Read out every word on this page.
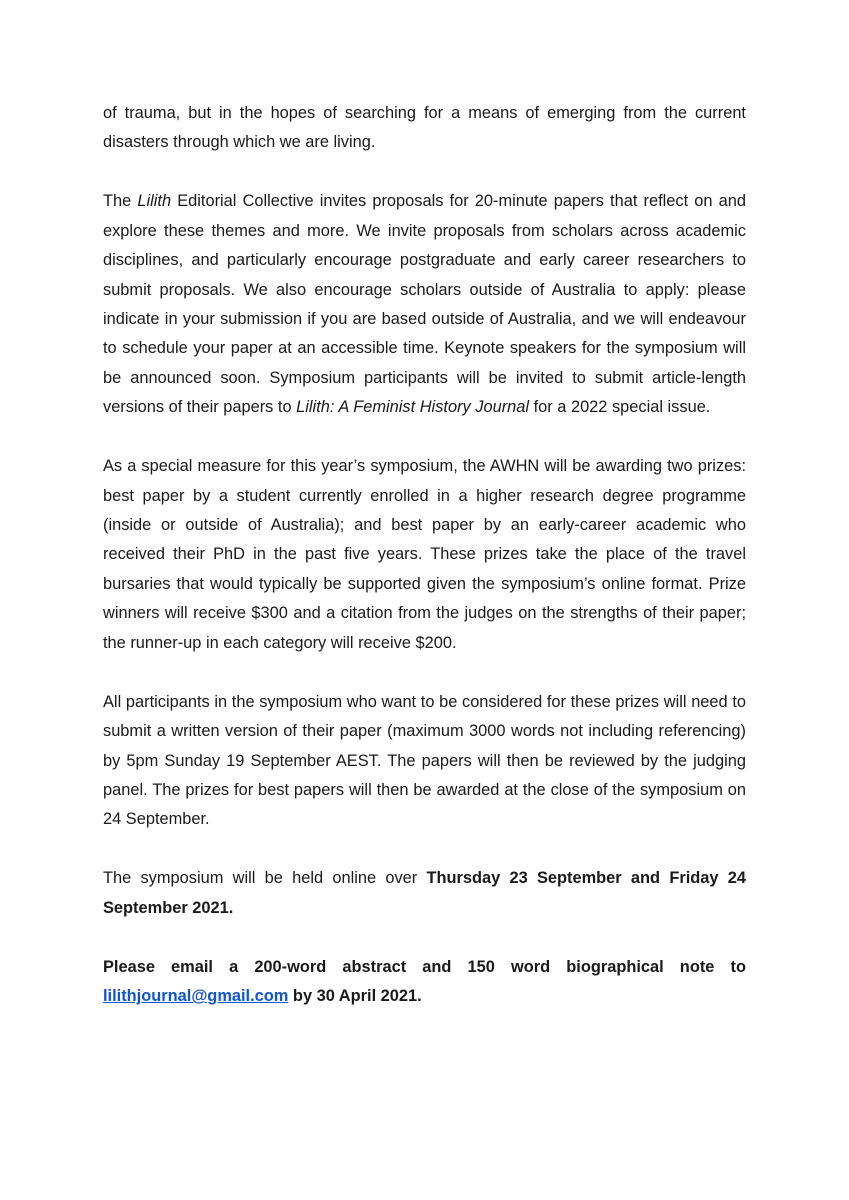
of trauma, but in the hopes of searching for a means of emerging from the current disasters through which we are living.

The Lilith Editorial Collective invites proposals for 20-minute papers that reflect on and explore these themes and more. We invite proposals from scholars across academic disciplines, and particularly encourage postgraduate and early career researchers to submit proposals. We also encourage scholars outside of Australia to apply: please indicate in your submission if you are based outside of Australia, and we will endeavour to schedule your paper at an accessible time. Keynote speakers for the symposium will be announced soon. Symposium participants will be invited to submit article-length versions of their papers to Lilith: A Feminist History Journal for a 2022 special issue.

As a special measure for this year’s symposium, the AWHN will be awarding two prizes: best paper by a student currently enrolled in a higher research degree programme (inside or outside of Australia); and best paper by an early-career academic who received their PhD in the past five years. These prizes take the place of the travel bursaries that would typically be supported given the symposium’s online format. Prize winners will receive $300 and a citation from the judges on the strengths of their paper; the runner-up in each category will receive $200.

All participants in the symposium who want to be considered for these prizes will need to submit a written version of their paper (maximum 3000 words not including referencing) by 5pm Sunday 19 September AEST. The papers will then be reviewed by the judging panel. The prizes for best papers will then be awarded at the close of the symposium on 24 September.

The symposium will be held online over Thursday 23 September and Friday 24 September 2021.

Please email a 200-word abstract and 150 word biographical note to lilithjournal@gmail.com by 30 April 2021.
